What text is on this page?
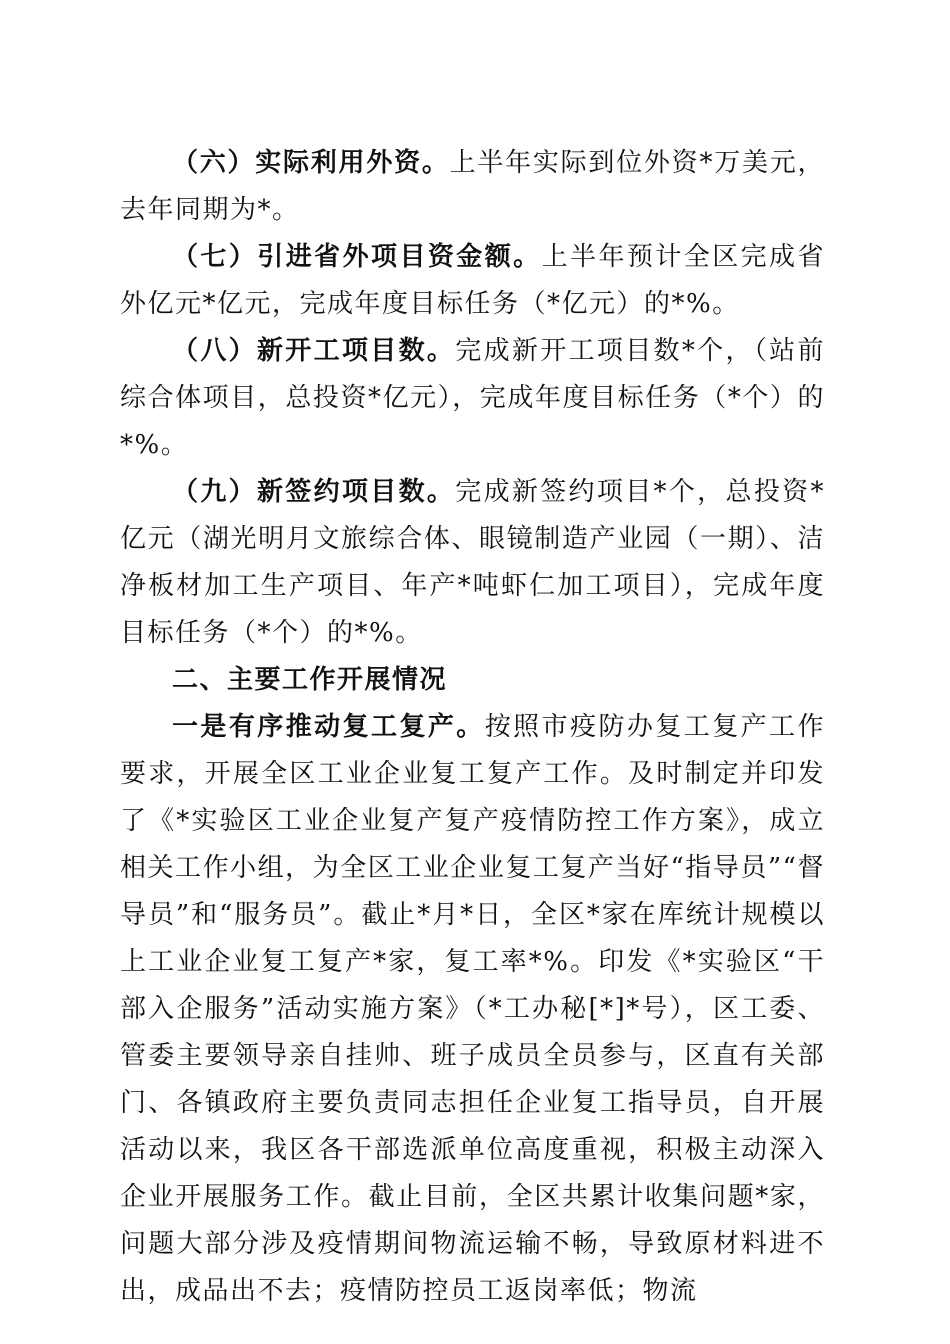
（六）实际利用外资。上半年实际到位外资*万美元，去年同期为*。

（七）引进省外项目资金额。上半年预计全区完成省外亿元*亿元，完成年度目标任务（*亿元）的*%。

（八）新开工项目数。完成新开工项目数*个，（站前综合体项目，总投资*亿元），完成年度目标任务（*个）的*%。

（九）新签约项目数。完成新签约项目*个，总投资*亿元（湖光明月文旅综合体、眼镜制造产业园（一期）、洁净板材加工生产项目、年产*吨虾仁加工项目），完成年度目标任务（*个）的*%。

二、主要工作开展情况

一是有序推动复工复产。按照市疫防办复工复产工作要求，开展全区工业企业复工复产工作。及时制定并印发了《*实验区工业企业复产复产疫情防控工作方案》，成立相关工作小组，为全区工业企业复工复产当好“指导员”“督导员”和“服务员”。截止*月*日，全区*家在库统计规模以上工业企业复工复产*家，复工率*%。印发《*实验区“干部入企服务”活动实施方案》（*工办秘[*]*号），区工委、管委主要领导亲自挂帅、班子成员全员参与，区直有关部门、各镇政府主要负责同志担任企业复工指导员，自开展活动以来，我区各干部选派单位高度重视，积极主动深入企业开展服务工作。截止目前，全区共累计收集问题*家，问题大部分涉及疫情期间物流运输不畅，导致原材料进不出，成品出不去；疫情防控员工返岗率低；物流
